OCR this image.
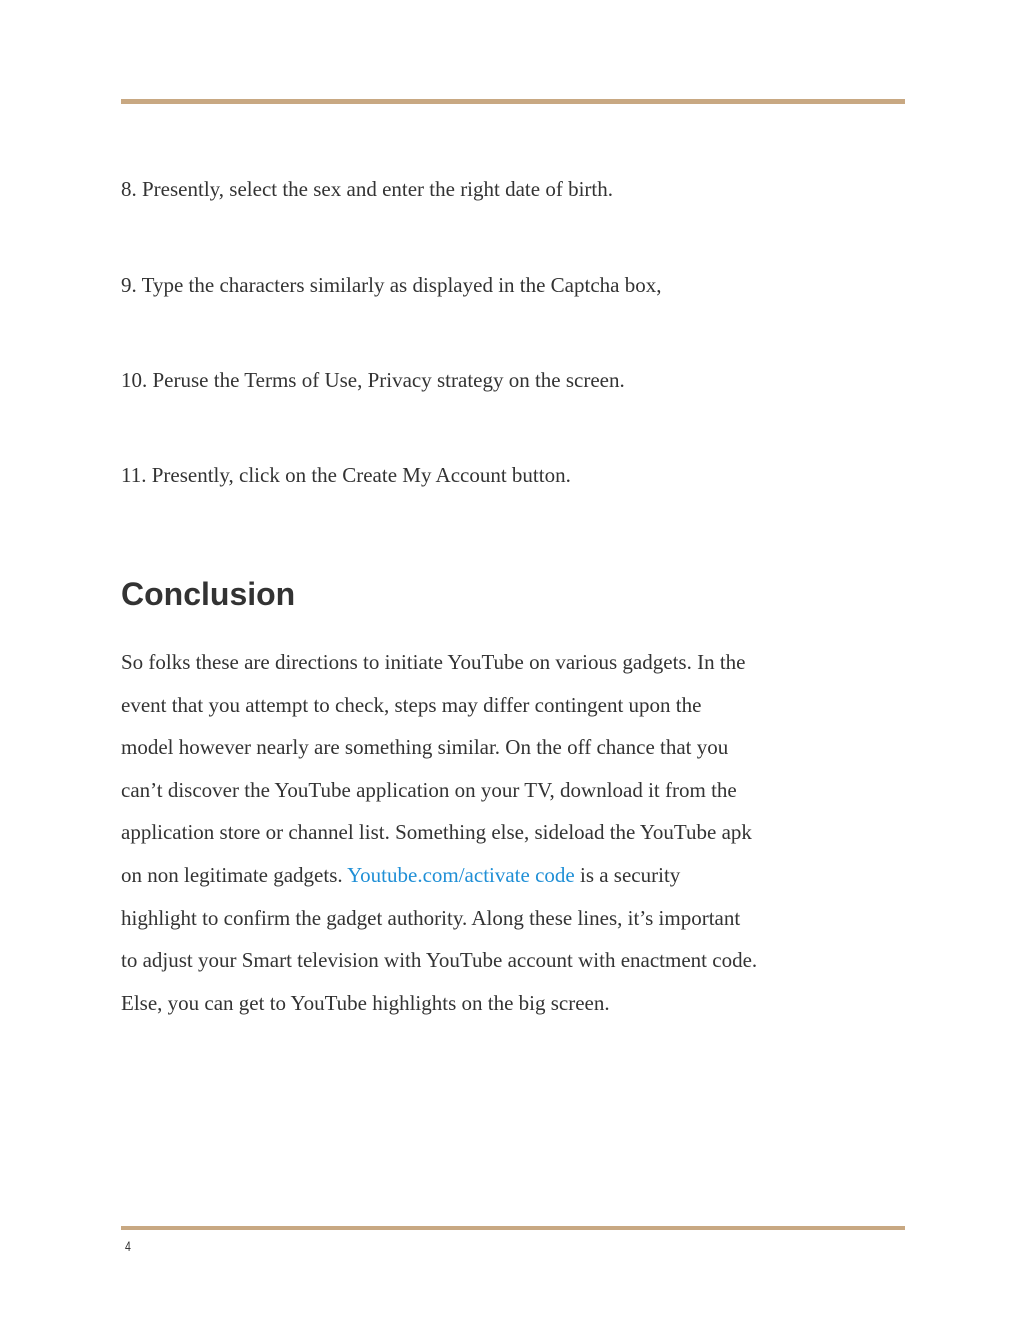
8. Presently, select the sex and enter the right date of birth.

9. Type the characters similarly as displayed in the Captcha box,

10. Peruse the Terms of Use, Privacy strategy on the screen.

11. Presently, click on the Create My Account button.

Conclusion
So folks these are directions to initiate YouTube on various gadgets. In the
event that you attempt to check, steps may differ contingent upon the
model however nearly are something similar. On the off chance that you
can’t discover the YouTube application on your TV, download it from the
application store or channel list. Something else, sideload the YouTube apk
on non legitimate gadgets. Youtube.com/activate code is a security
highlight to confirm the gadget authority. Along these lines, it’s important
to adjust your Smart television with YouTube account with enactment code.
Else, you can get to YouTube highlights on the big screen.
4
